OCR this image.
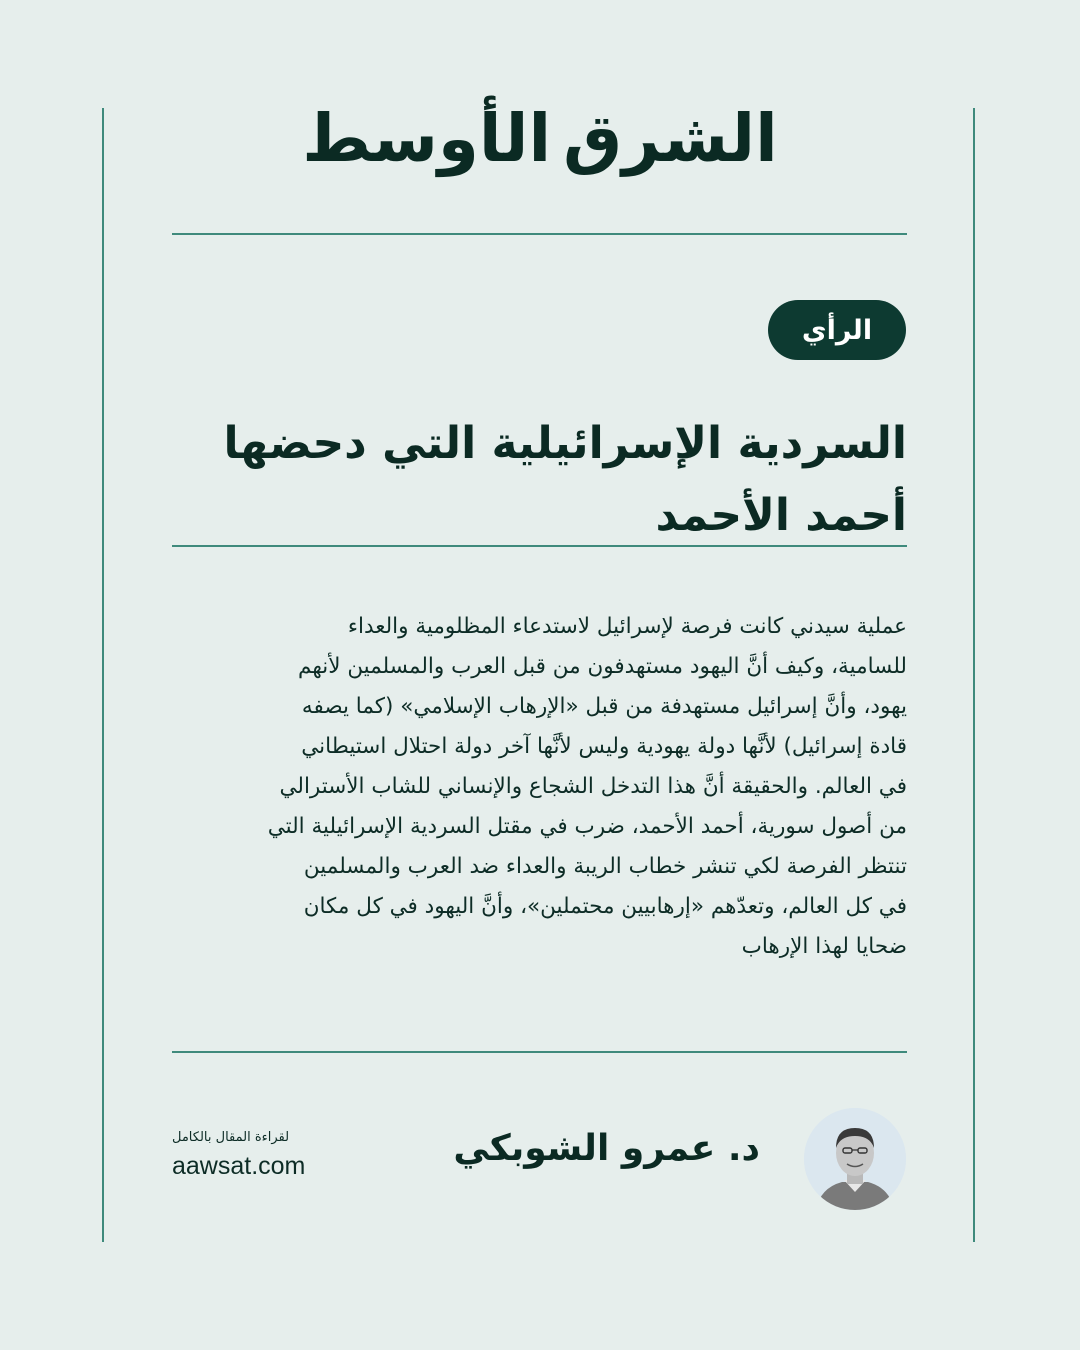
الشرق
الأوسط
الرأي
السردية الإسرائيلية التي دحضها
أحمد الأحمد

عملية سيدني كانت فرصة لإسرائيل لاستدعاء المظلومية والعداء
للسامية، وكيف أنَّ اليهود مستهدفون من قبل العرب والمسلمين لأنهم
يهود، وأنَّ إسرائيل مستهدفة من قبل «الإرهاب الإسلامي» (كما يصفه
قادة إسرائيل) لأنَّها دولة يهودية وليس لأنَّها آخر دولة احتلال استيطاني
في العالم. والحقيقة أنَّ هذا التدخل الشجاع والإنساني للشاب الأسترالي
من أصول سورية، أحمد الأحمد، ضرب في مقتل السردية الإسرائيلية التي
تنتظر الفرصة لكي تنشر خطاب الريبة والعداء ضد العرب والمسلمين
في كل العالم، وتعدّهم «إرهابيين محتملين»، وأنَّ اليهود في كل مكان
ضحايا لهذا الإرهاب

د. عمرو الشوبكي
لقراءة المقال بالكامل
aawsat.com
